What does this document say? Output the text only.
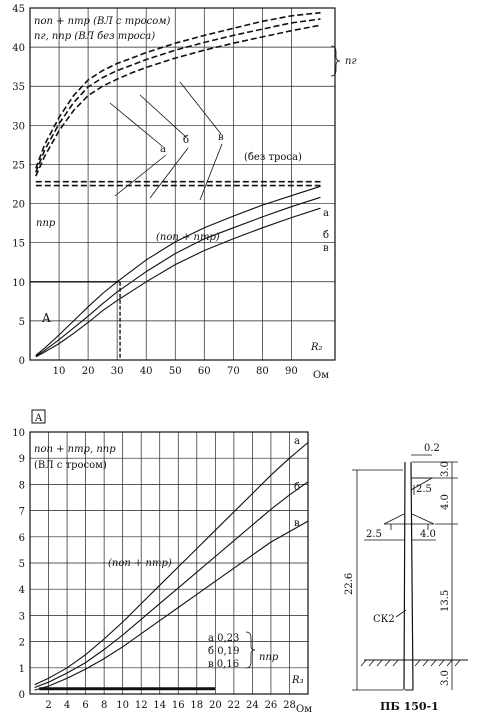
0
5
10
15
20
25
30
35
40
45
10 20 30 40 50 60 70 80 90
nоп + nтр (ВЛ с тросом)
nг, nпр (ВЛ без троса)
nг
nпр
(без троса)
(nоп + nтр)
A
R₂
Ом
а
б	в
а
б
в
0
1
2
3
4
5
6
7
8
9
10
2 4 6 8 10 12 14 16 18 20 22 24 26 28
A
nоп + nтр, nпр
(ВЛ с тросом)
(nоп + nтр)
а
б
в
а 0,23
б 0,19
в 0,16
nпр
R₃
Ом
СК2
22.6
3.0
4.0
13.5
3.0
0.2
2.5
2.5	4.0
ПБ 150-1
